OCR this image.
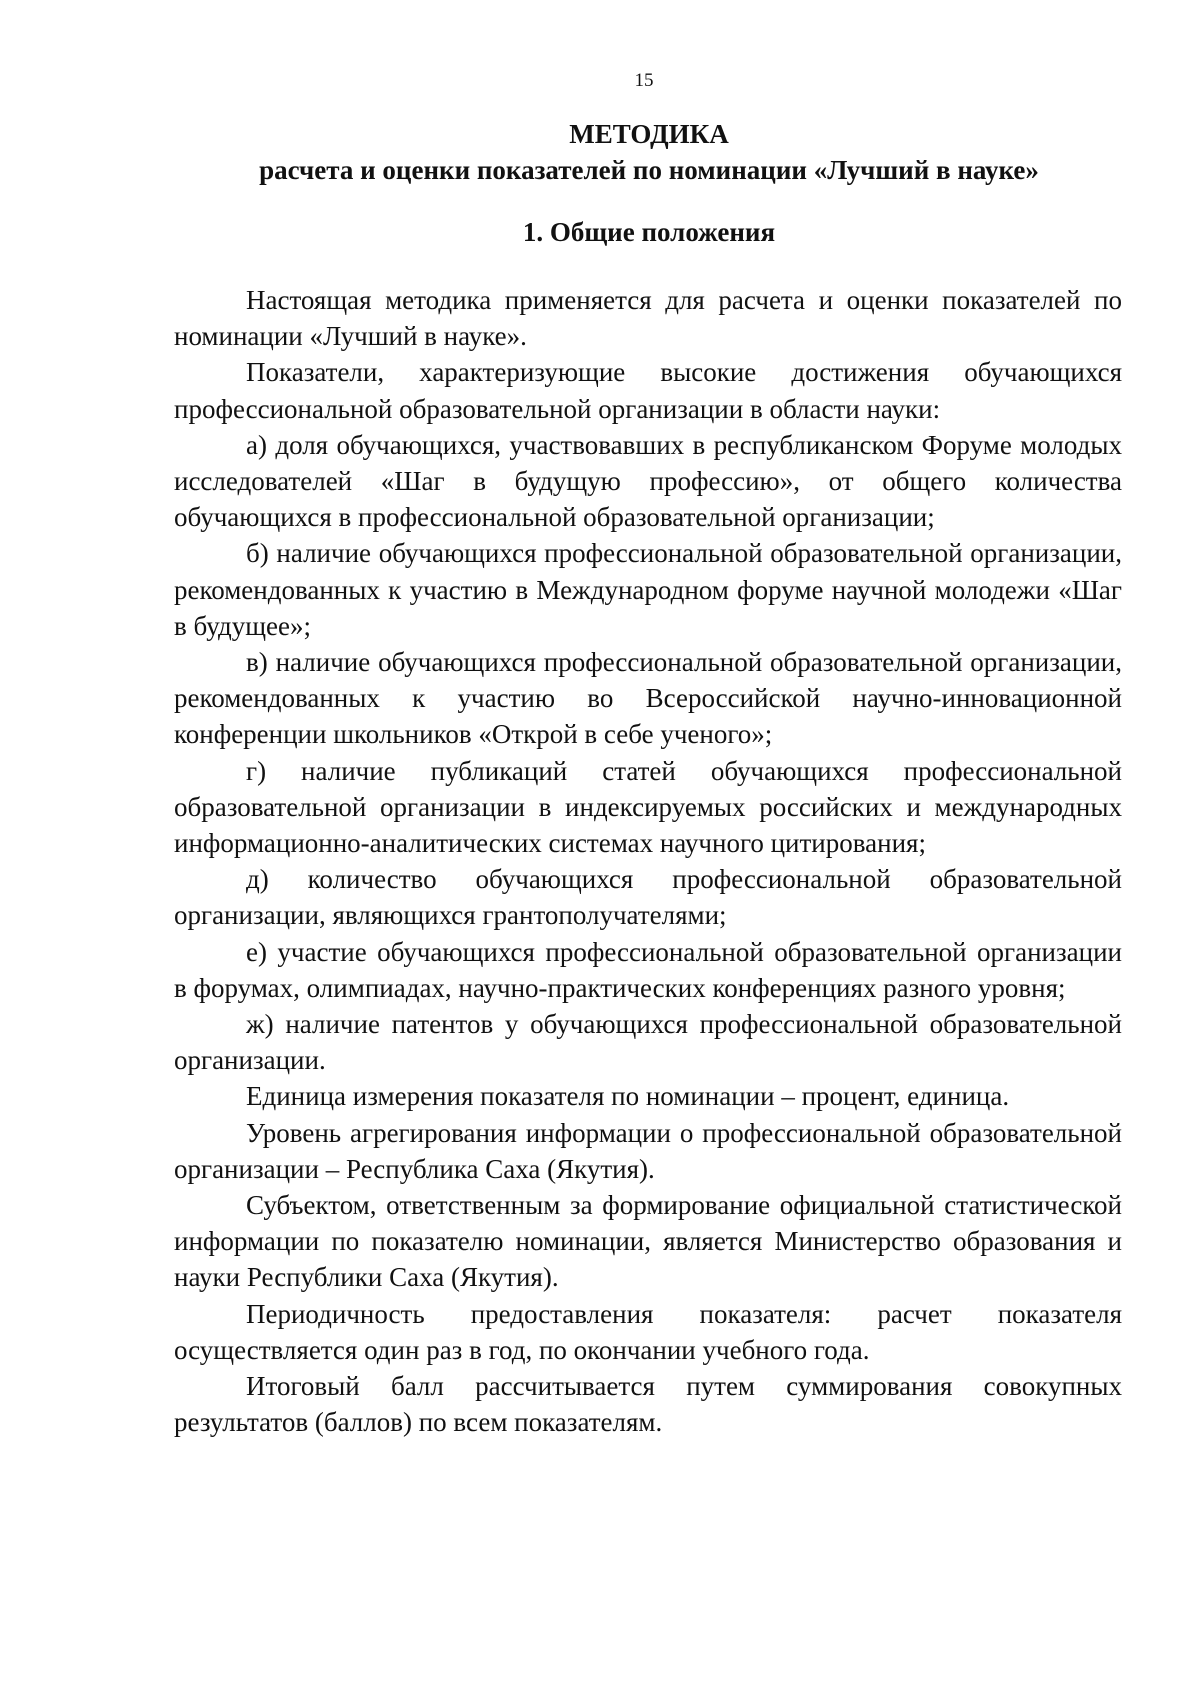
15
МЕТОДИКА
расчета и оценки показателей по номинации «Лучший в науке»
1. Общие положения

Настоящая методика применяется для расчета и оценки показателей по номинации «Лучший в науке».

Показатели, характеризующие высокие достижения обучающихся профессиональной образовательной организации в области науки:

а) доля обучающихся, участвовавших в республиканском Форуме молодых исследователей «Шаг в будущую профессию», от общего количества обучающихся в профессиональной образовательной организации;

б) наличие обучающихся профессиональной образовательной организации, рекомендованных к участию в Международном форуме научной молодежи «Шаг в будущее»;

в) наличие обучающихся профессиональной образовательной организации, рекомендованных к участию во Всероссийской научно-инновационной конференции школьников «Открой в себе ученого»;

г) наличие публикаций статей обучающихся профессиональной образовательной организации в индексируемых российских и международных информационно-аналитических системах научного цитирования;

д) количество обучающихся профессиональной образовательной организации, являющихся грантополучателями;

е) участие обучающихся профессиональной образовательной организации в форумах, олимпиадах, научно-практических конференциях разного уровня;

ж) наличие патентов у обучающихся профессиональной образовательной организации.

Единица измерения показателя по номинации – процент, единица.

Уровень агрегирования информации о профессиональной образовательной организации – Республика Саха (Якутия).

Субъектом, ответственным за формирование официальной статистической информации по показателю номинации, является Министерство образования и науки Республики Саха (Якутия).

Периодичность предоставления показателя: расчет показателя осуществляется один раз в год, по окончании учебного года.

Итоговый балл рассчитывается путем суммирования совокупных результатов (баллов) по всем показателям.
